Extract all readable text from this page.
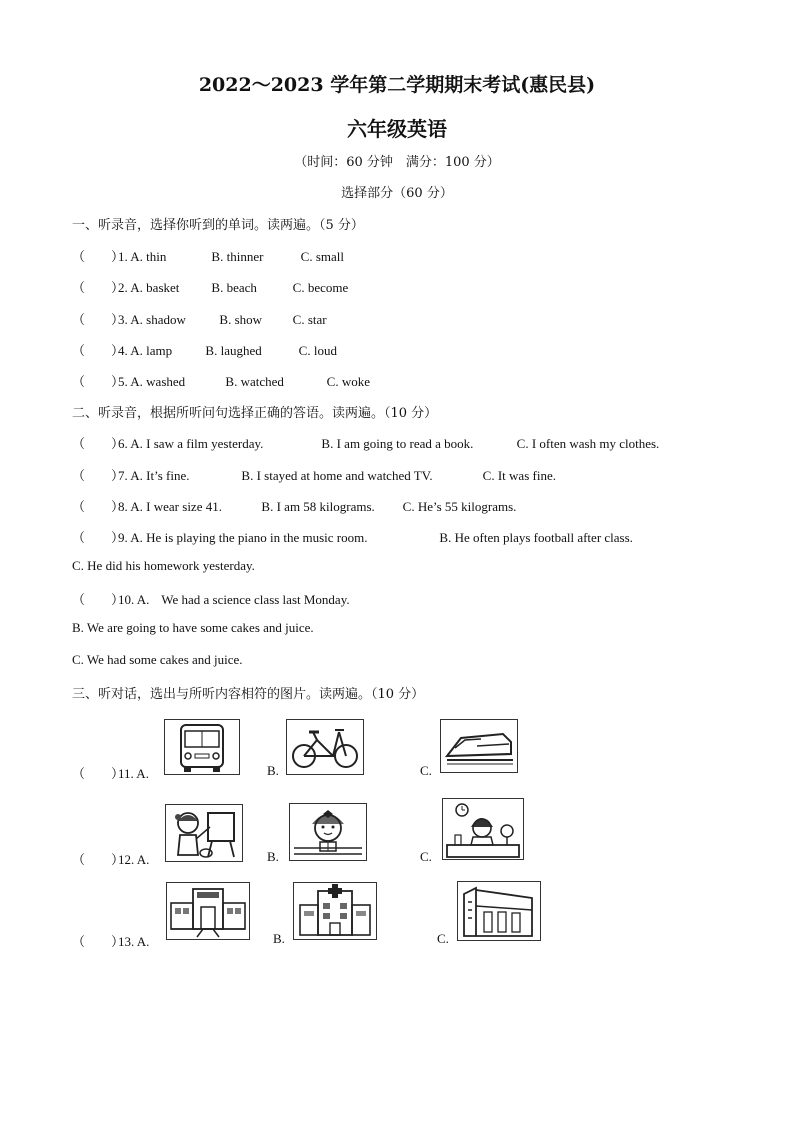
2022～2023 学年第二学期期末考试(惠民县)
六年级英语
（时间：60 分钟　满分：100 分）
选择部分（60 分）
一、听录音，选择你听到的单词。读两遍。（5 分）
（　　）1. A. thin	B. thinner	C. small
（　　）2. A. basket B. beach	C. become
（　　）3. A. shadow	B. show C. star
（　　）4. A. lamp	B. laughed	C. loud
（　　）5. A. washed	B. watched	C. woke
二、听录音，根据所听问句选择正确的答语。读两遍。（10 分）
（　　）6. A. I saw a film yesterday.	B. I am going to read a book.	C. I often wash my clothes.
（　　）7. A. It’s fine.	B. I stayed at home and watched TV.	C. It was fine.
（　　）8. A. I wear size 41.	B. I am 58 kilograms. C. He’s 55 kilograms.
（　　）9. A. He is playing the piano in the music room.	B. He often plays football after class.
C. He did his homework yesterday.
（　　）10. A. We had a science class last Monday.
B. We are going to have some cakes and juice.
C. We had some cakes and juice.
三、听对话，选出与所听内容相符的图片。读两遍。（10 分）
（　　）11. A.	B.	C.
（　　）12. A.	B.	C.
（　　）13. A.	B.	C.
